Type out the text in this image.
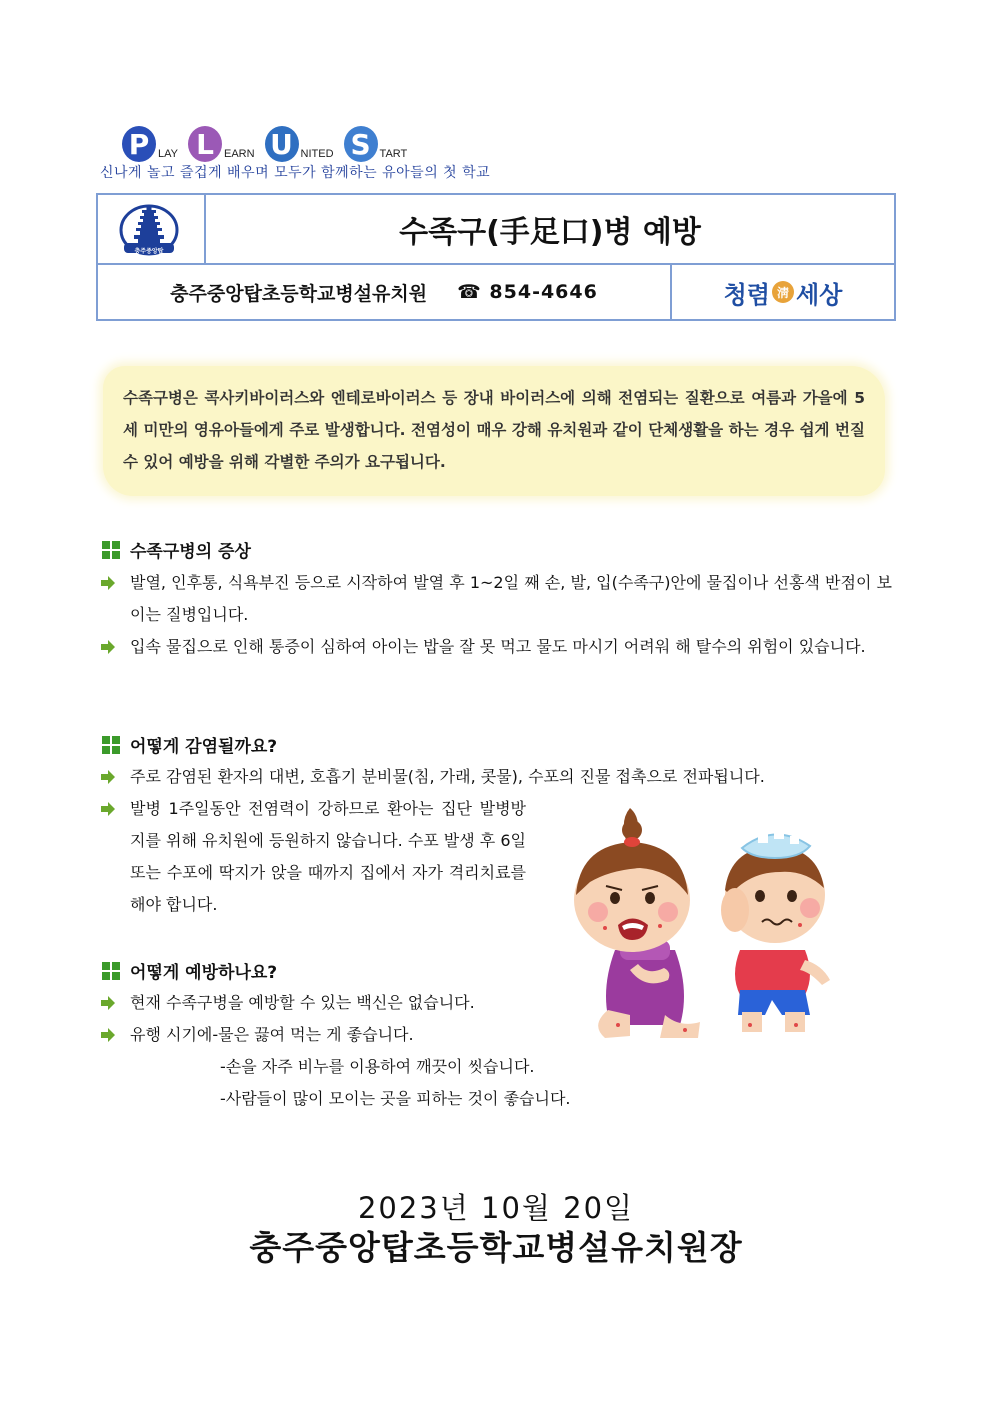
P LAY L EARN U NITED S TART
신나게 놀고 즐겁게 배우며 모두가 함께하는 유아들의 첫 학교
충주중앙탑
수족구(手足口)병 예방
충주중앙탑초등학교병설유치원 ☎ 854-4646	청렴 淸 세상

수족구병은 콕사키바이러스와 엔테로바이러스 등 장내 바이러스에 의해 전염되는 질환으로 여름과 가을에 5세 미만의 영유아들에게 주로 발생합니다. 전염성이 매우 강해 유치원과 같이 단체생활을 하는 경우 쉽게 번질 수 있어 예방을 위해 각별한 주의가 요구됩니다.

수족구병의 증상
발열, 인후통, 식욕부진 등으로 시작하여 발열 후 1~2일 째 손, 발, 입(수족구)안에 물집이나 선홍색 반점이 보이는 질병입니다.
입속 물집으로 인해 통증이 심하여 아이는 밥을 잘 못 먹고 물도 마시기 어려워 해 탈수의 위험이 있습니다.
어떻게 감염될까요?
주로 감염된 환자의 대변, 호흡기 분비물(침, 가래, 콧물), 수포의 진물 접촉으로 전파됩니다.
발병 1주일동안 전염력이 강하므로 환아는 집단 발병방지를 위해 유치원에 등원하지 않습니다. 수포 발생 후 6일 또는 수포에 딱지가 앉을 때까지 집에서 자가 격리치료를 해야 합니다.
어떻게 예방하나요?
현재 수족구병을 예방할 수 있는 백신은 없습니다.
유행 시기에-물은 끓여 먹는 게 좋습니다.
-손을 자주 비누를 이용하여 깨끗이 씻습니다.
-사람들이 많이 모이는 곳을 피하는 것이 좋습니다.
2023년 10월 20일
충주중앙탑초등학교병설유치원장
